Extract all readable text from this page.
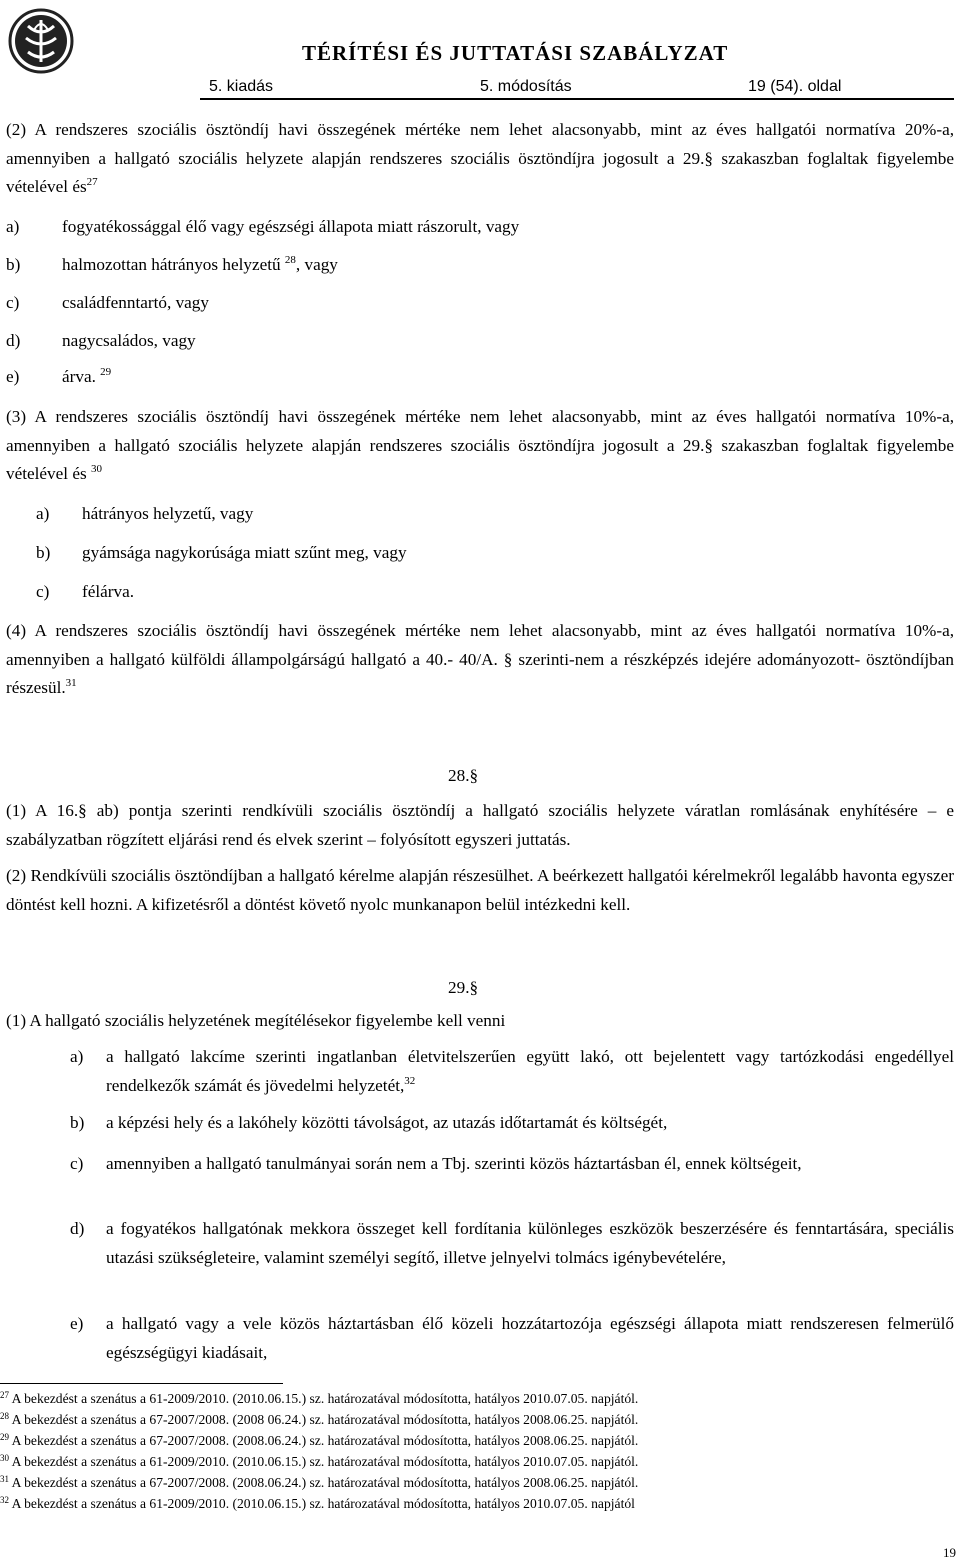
TÉRÍTÉSI ÉS JUTTATÁSI SZABÁLYZAT
5. kiadás	5. módosítás	19 (54). oldal
(2) A rendszeres szociális ösztöndíj havi összegének mértéke nem lehet alacsonyabb, mint az éves hallgatói normatíva 20%-a, amennyiben a hallgató szociális helyzete alapján rendszeres szociális ösztöndíjra jogosult a 29.§ szakaszban foglaltak figyelembe vételével $és^{27}$
a) fogyatékossággal élő vagy egészségi állapota miatt rászorult, vagy
b) halmozottan hátrányos helyzetű $^{28}$, vagy
c) családfenntartó, vagy
d) nagycsaládos, vagy
e) árva. $^{29}$
(3) A rendszeres szociális ösztöndíj havi összegének mértéke nem lehet alacsonyabb, mint az éves hallgatói normatíva 10%-a, amennyiben a hallgató szociális helyzete alapján rendszeres szociális ösztöndíjra jogosult a 29.§ szakaszban foglaltak figyelembe vételével és $^{30}$
a) hátrányos helyzetű, vagy
b) gyámsága nagykorúsága miatt szűnt meg, vagy
c) félárva.
(4) A rendszeres szociális ösztöndíj havi összegének mértéke nem lehet alacsonyabb, mint az éves hallgatói normatíva 10%-a, amennyiben a hallgató külföldi állampolgárságú hallgató a 40.- 40/A. § szerinti-nem a részképzés idejére adományozott- ösztöndíjban részesül.$^{31}$
28.§
(1) A 16.§ ab) pontja szerinti rendkívüli szociális ösztöndíj a hallgató szociális helyzete váratlan romlásának enyhítésére – e szabályzatban rögzített eljárási rend és elvek szerint – folyósított egyszeri juttatás.
(2) Rendkívüli szociális ösztöndíjban a hallgató kérelme alapján részesülhet. A beérkezett hallgatói kérelmekről legalább havonta egyszer döntést kell hozni. A kifizetésről a döntést követő nyolc munkanapon belül intézkedni kell.
29.§
(1) A hallgató szociális helyzetének megítélésekor figyelembe kell venni
a) a hallgató lakcíme szerinti ingatlanban életvitelszerűen együtt lakó, ott bejelentett vagy tartózkodási engedéllyel rendelkezők számát és jövedelmi helyzetét,$^{32}$
b) a képzési hely és a lakóhely közötti távolságot, az utazás időtartamát és költségét,
c) amennyiben a hallgató tanulmányai során nem a Tbj. szerinti közös háztartásban él, ennek költségeit,
d) a fogyatékos hallgatónak mekkora összeget kell fordítania különleges eszközök beszerzésére és fenntartására, speciális utazási szükségleteire, valamint személyi segítő, illetve jelnyelvi tolmács igénybevételére,
e) a hallgató vagy a vele közös háztartásban élő közeli hozzátartozója egészségi állapota miatt rendszeresen felmerülő egészségügyi kiadásait,
$^{27}$ A bekezdést a szenátus a 61-2009/2010. (2010.06.15.) sz. határozatával módosította, hatályos 2010.07.05. napjától.
$^{28}$ A bekezdést a szenátus a 67-2007/2008. (2008 06.24.) sz. határozatával módosította, hatályos 2008.06.25. napjától.
$^{29}$ A bekezdést a szenátus a 67-2007/2008. (2008.06.24.) sz. határozatával módosította, hatályos 2008.06.25. napjától.
$^{30}$ A bekezdést a szenátus a 61-2009/2010. (2010.06.15.) sz. határozatával módosította, hatályos 2010.07.05. napjától.
$^{31}$ A bekezdést a szenátus a 67-2007/2008. (2008.06.24.) sz. határozatával módosította, hatályos 2008.06.25. napjától.
$^{32}$ A bekezdést a szenátus a 61-2009/2010. (2010.06.15.) sz. határozatával módosította, hatályos 2010.07.05. napjától
19
